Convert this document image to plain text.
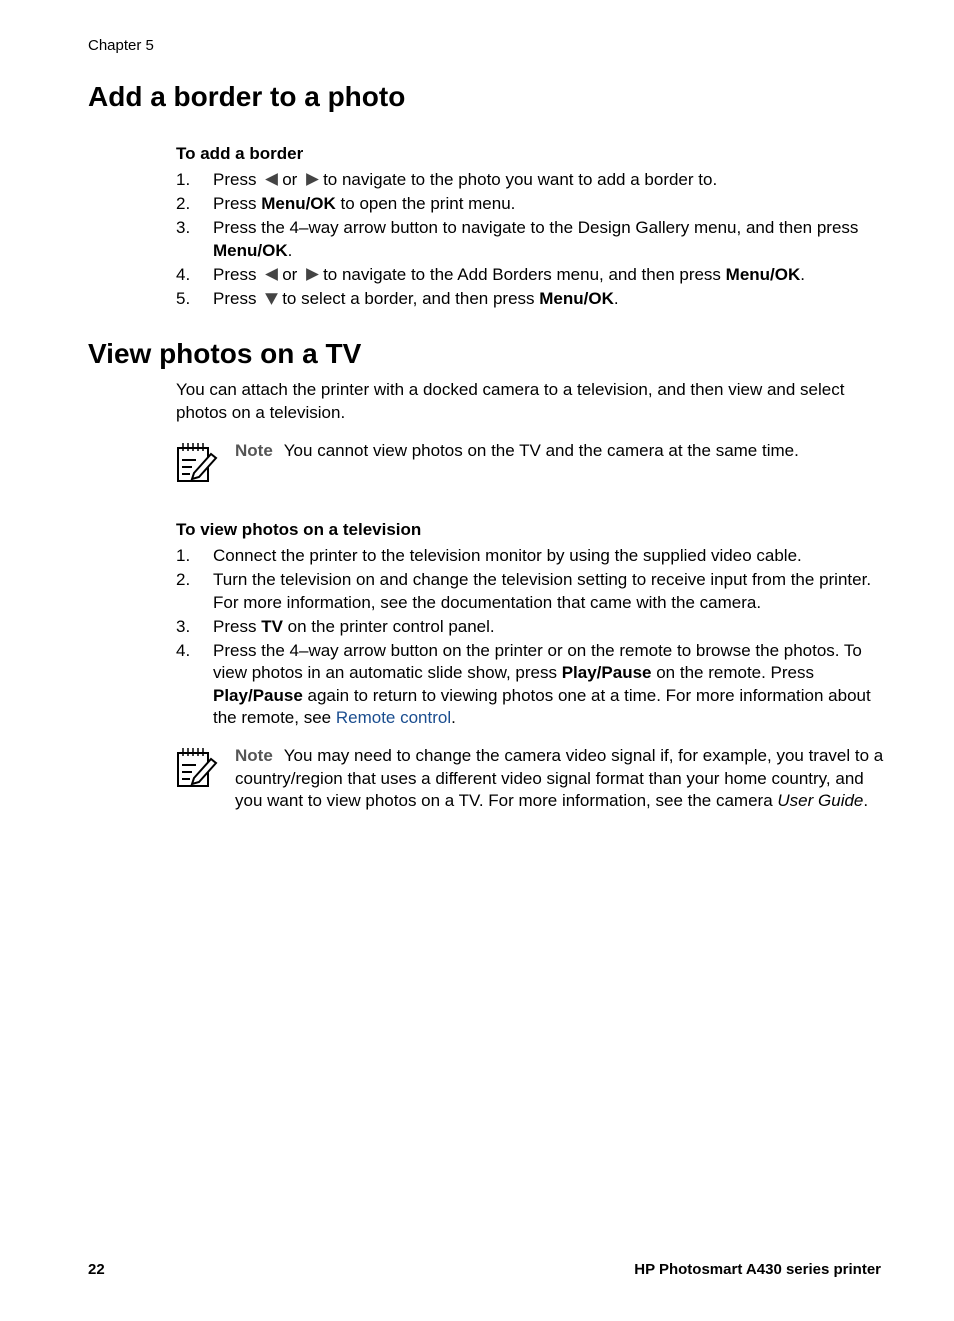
Chapter 5
Add a border to a photo
To add a border
1. Press or to navigate to the photo you want to add a border to.
2. Press Menu/OK to open the print menu.
3. Press the 4–way arrow button to navigate to the Design Gallery menu, and then press Menu/OK.
4. Press or to navigate to the Add Borders menu, and then press Menu/OK.
5. Press to select a border, and then press Menu/OK.
View photos on a TV
You can attach the printer with a docked camera to a television, and then view and select photos on a television.
Note You cannot view photos on the TV and the camera at the same time.
To view photos on a television
1. Connect the printer to the television monitor by using the supplied video cable.
2. Turn the television on and change the television setting to receive input from the printer. For more information, see the documentation that came with the camera.
3. Press TV on the printer control panel.
4. Press the 4–way arrow button on the printer or on the remote to browse the photos. To view photos in an automatic slide show, press Play/Pause on the remote. Press Play/Pause again to return to viewing photos one at a time. For more information about the remote, see Remote control.
Note You may need to change the camera video signal if, for example, you travel to a country/region that uses a different video signal format than your home country, and you want to view photos on a TV. For more information, see the camera User Guide.
22	HP Photosmart A430 series printer
